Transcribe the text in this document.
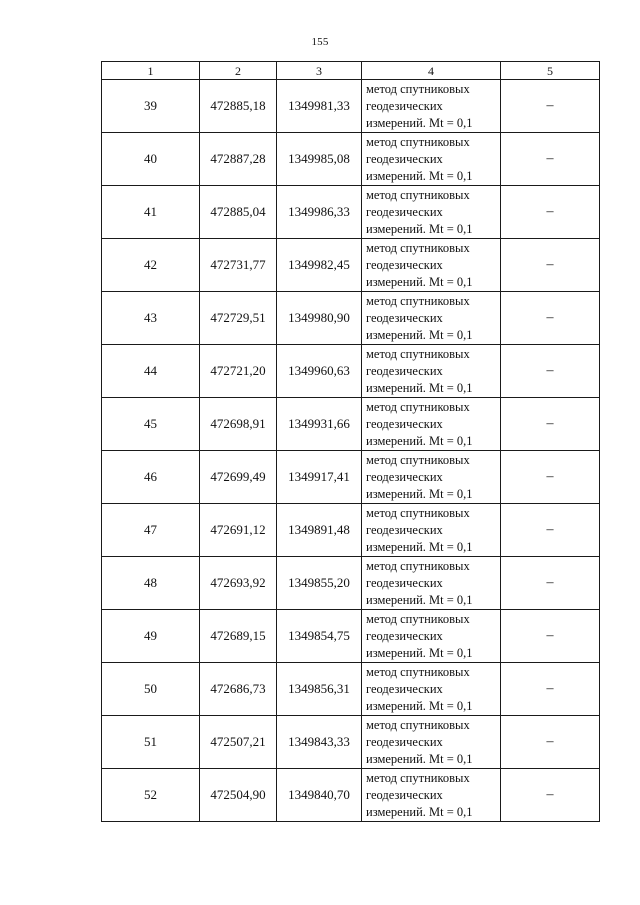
155
1	2	3	4	5
39	472885,18	1349981,33	метод спутниковых
геодезических
измерений. Mt = 0,1	–
40	472887,28	1349985,08	метод спутниковых
геодезических
измерений. Mt = 0,1	–
41	472885,04	1349986,33	метод спутниковых
геодезических
измерений. Mt = 0,1	–
42	472731,77	1349982,45	метод спутниковых
геодезических
измерений. Mt = 0,1	–
43	472729,51	1349980,90	метод спутниковых
геодезических
измерений. Mt = 0,1	–
44	472721,20	1349960,63	метод спутниковых
геодезических
измерений. Mt = 0,1	–
45	472698,91	1349931,66	метод спутниковых
геодезических
измерений. Mt = 0,1	–
46	472699,49	1349917,41	метод спутниковых
геодезических
измерений. Mt = 0,1	–
47	472691,12	1349891,48	метод спутниковых
геодезических
измерений. Mt = 0,1	–
48	472693,92	1349855,20	метод спутниковых
геодезических
измерений. Mt = 0,1	–
49	472689,15	1349854,75	метод спутниковых
геодезических
измерений. Mt = 0,1	–
50	472686,73	1349856,31	метод спутниковых
геодезических
измерений. Mt = 0,1	–
51	472507,21	1349843,33	метод спутниковых
геодезических
измерений. Mt = 0,1	–
52	472504,90	1349840,70	метод спутниковых
геодезических
измерений. Mt = 0,1	–
